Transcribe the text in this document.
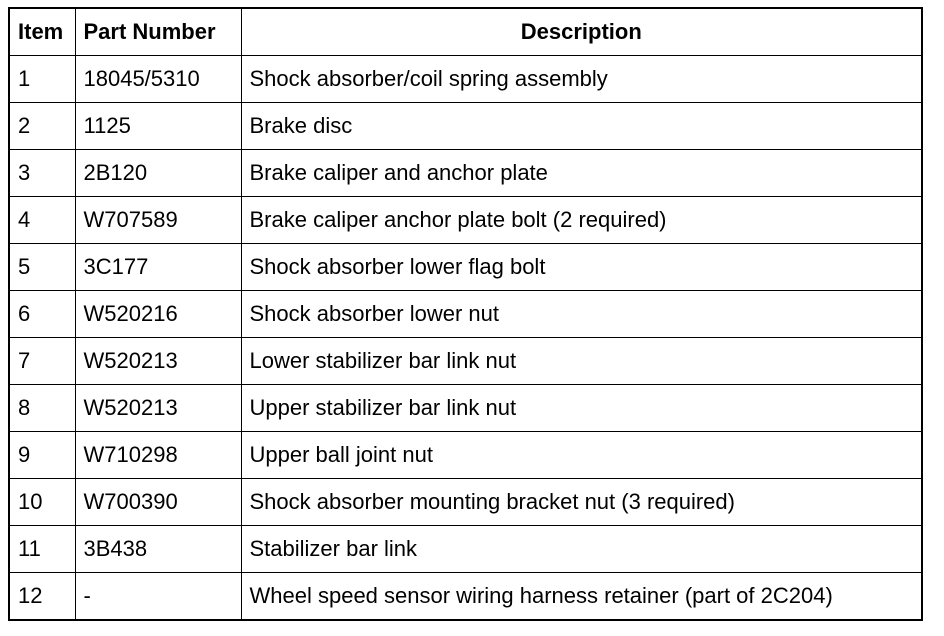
Item	Part Number	Description
1	18045/5310	Shock absorber/coil spring assembly
2	1125	Brake disc
3	2B120	Brake caliper and anchor plate
4	W707589	Brake caliper anchor plate bolt (2 required)
5	3C177	Shock absorber lower flag bolt
6	W520216	Shock absorber lower nut
7	W520213	Lower stabilizer bar link nut
8	W520213	Upper stabilizer bar link nut
9	W710298	Upper ball joint nut
10	W700390	Shock absorber mounting bracket nut (3 required)
11	3B438	Stabilizer bar link
12	-	Wheel speed sensor wiring harness retainer (part of 2C204)
